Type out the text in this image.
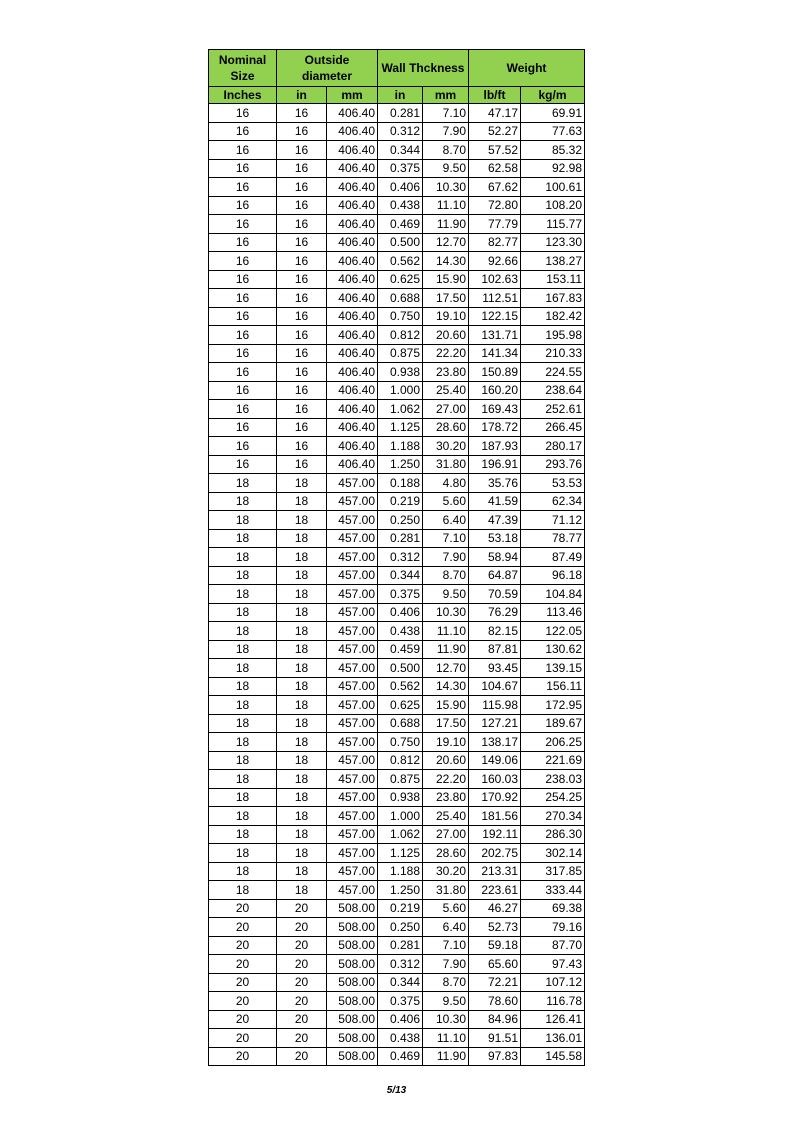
Nominal Size	Outside diameter		Wall Thckness		Weight	
Inches	in	mm	in	mm	lb/ft	kg/m
16	16	406.40	0.281	7.10	47.17	69.91
16	16	406.40	0.312	7.90	52.27	77.63
16	16	406.40	0.344	8.70	57.52	85.32
16	16	406.40	0.375	9.50	62.58	92.98
16	16	406.40	0.406	10.30	67.62	100.61
16	16	406.40	0.438	11.10	72.80	108.20
16	16	406.40	0.469	11.90	77.79	115.77
16	16	406.40	0.500	12.70	82.77	123.30
16	16	406.40	0.562	14.30	92.66	138.27
16	16	406.40	0.625	15.90	102.63	153.11
16	16	406.40	0.688	17.50	112.51	167.83
16	16	406.40	0.750	19.10	122.15	182.42
16	16	406.40	0.812	20.60	131.71	195.98
16	16	406.40	0.875	22.20	141.34	210.33
16	16	406.40	0.938	23.80	150.89	224.55
16	16	406.40	1.000	25.40	160.20	238.64
16	16	406.40	1.062	27.00	169.43	252.61
16	16	406.40	1.125	28.60	178.72	266.45
16	16	406.40	1.188	30.20	187.93	280.17
16	16	406.40	1.250	31.80	196.91	293.76
18	18	457.00	0.188	4.80	35.76	53.53
18	18	457.00	0.219	5.60	41.59	62.34
18	18	457.00	0.250	6.40	47.39	71.12
18	18	457.00	0.281	7.10	53.18	78.77
18	18	457.00	0.312	7.90	58.94	87.49
18	18	457.00	0.344	8.70	64.87	96.18
18	18	457.00	0.375	9.50	70.59	104.84
18	18	457.00	0.406	10.30	76.29	113.46
18	18	457.00	0.438	11.10	82.15	122.05
18	18	457.00	0.459	11.90	87.81	130.62
18	18	457.00	0.500	12.70	93.45	139.15
18	18	457.00	0.562	14.30	104.67	156.11
18	18	457.00	0.625	15.90	115.98	172.95
18	18	457.00	0.688	17.50	127.21	189.67
18	18	457.00	0.750	19.10	138.17	206.25
18	18	457.00	0.812	20.60	149.06	221.69
18	18	457.00	0.875	22.20	160.03	238.03
18	18	457.00	0.938	23.80	170.92	254.25
18	18	457.00	1.000	25.40	181.56	270.34
18	18	457.00	1.062	27.00	192.11	286.30
18	18	457.00	1.125	28.60	202.75	302.14
18	18	457.00	1.188	30.20	213.31	317.85
18	18	457.00	1.250	31.80	223.61	333.44
20	20	508.00	0.219	5.60	46.27	69.38
20	20	508.00	0.250	6.40	52.73	79.16
20	20	508.00	0.281	7.10	59.18	87.70
20	20	508.00	0.312	7.90	65.60	97.43
20	20	508.00	0.344	8.70	72.21	107.12
20	20	508.00	0.375	9.50	78.60	116.78
20	20	508.00	0.406	10.30	84.96	126.41
20	20	508.00	0.438	11.10	91.51	136.01
20	20	508.00	0.469	11.90	97.83	145.58
5/13
